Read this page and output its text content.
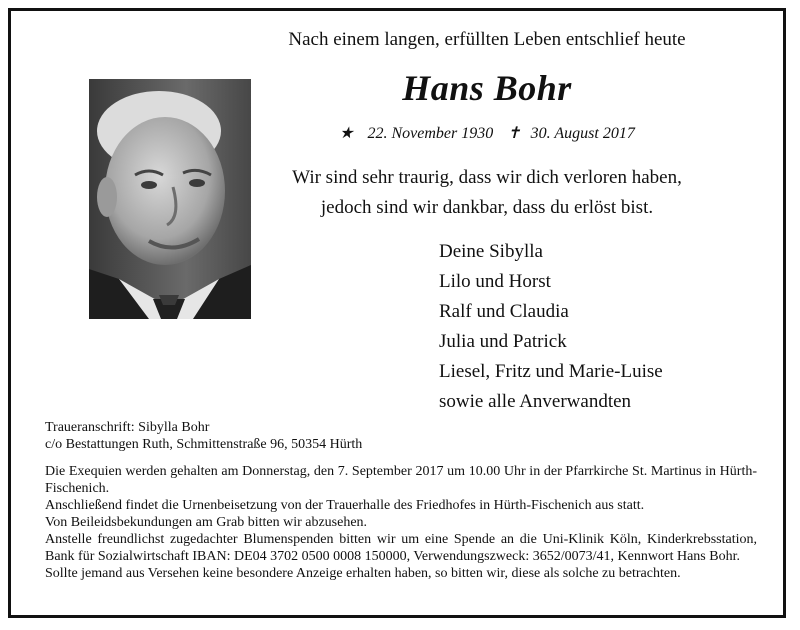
Nach einem langen, erfüllten Leben entschlief heute
Hans Bohr
★ 22. November 1930 ✝ 30. August 2017
Wir sind sehr traurig, dass wir dich verloren haben,
jedoch sind wir dankbar, dass du erlöst bist.
Deine Sibylla
Lilo und Horst
Ralf und Claudia
Julia und Patrick
Liesel, Fritz und Marie-Luise
sowie alle Anverwandten
Traueranschrift: Sibylla Bohr
c/o Bestattungen Ruth, Schmittenstraße 96, 50354 Hürth

Die Exequien werden gehalten am Donnerstag, den 7. September 2017 um 10.00 Uhr in der Pfarrkirche St. Martinus in Hürth-Fischenich.

Anschließend findet die Urnenbeisetzung von der Trauerhalle des Friedhofes in Hürth-Fischenich aus statt.

Von Beileidsbekundungen am Grab bitten wir abzusehen.

Anstelle freundlichst zugedachter Blumenspenden bitten wir um eine Spende an die Uni-Klinik Köln, Kinderkrebsstation, Bank für Sozialwirtschaft IBAN: DE04 3702 0500 0008 150000, Verwendungszweck: 3652/0073/41, Kennwort Hans Bohr.

Sollte jemand aus Versehen keine besondere Anzeige erhalten haben, so bitten wir, diese als solche zu betrachten.
